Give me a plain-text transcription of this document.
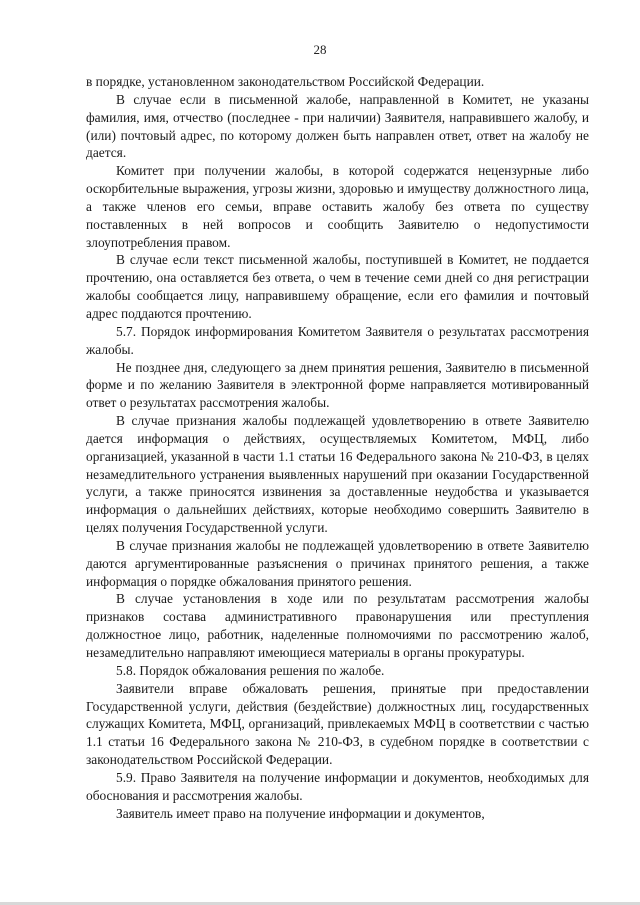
28

в порядке, установленном законодательством Российской Федерации.

В случае если в письменной жалобе, направленной в Комитет, не указаны фамилия, имя, отчество (последнее - при наличии) Заявителя, направившего жалобу, и (или) почтовый адрес, по которому должен быть направлен ответ, ответ на жалобу не дается.

Комитет при получении жалобы, в которой содержатся нецензурные либо оскорбительные выражения, угрозы жизни, здоровью и имуществу должностного лица, а также членов его семьи, вправе оставить жалобу без ответа по существу поставленных в ней вопросов и сообщить Заявителю о недопустимости злоупотребления правом.

В случае если текст письменной жалобы, поступившей в Комитет, не поддается прочтению, она оставляется без ответа, о чем в течение семи дней со дня регистрации жалобы сообщается лицу, направившему обращение, если его фамилия и почтовый адрес поддаются прочтению.

5.7. Порядок информирования Комитетом Заявителя о результатах рассмотрения жалобы.

Не позднее дня, следующего за днем принятия решения, Заявителю в письменной форме и по желанию Заявителя в электронной форме направляется мотивированный ответ о результатах рассмотрения жалобы.

В случае признания жалобы подлежащей удовлетворению в ответе Заявителю дается информация о действиях, осуществляемых Комитетом, МФЦ, либо организацией, указанной в части 1.1 статьи 16 Федерального закона № 210-ФЗ, в целях незамедлительного устранения выявленных нарушений при оказании Государственной услуги, а также приносятся извинения за доставленные неудобства и указывается информация о дальнейших действиях, которые необходимо совершить Заявителю в целях получения Государственной услуги.

В случае признания жалобы не подлежащей удовлетворению в ответе Заявителю даются аргументированные разъяснения о причинах принятого решения, а также информация о порядке обжалования принятого решения.

В случае установления в ходе или по результатам рассмотрения жалобы признаков состава административного правонарушения или преступления должностное лицо, работник, наделенные полномочиями по рассмотрению жалоб, незамедлительно направляют имеющиеся материалы в органы прокуратуры.

5.8. Порядок обжалования решения по жалобе.

Заявители вправе обжаловать решения, принятые при предоставлении Государственной услуги, действия (бездействие) должностных лиц, государственных служащих Комитета, МФЦ, организаций, привлекаемых МФЦ в соответствии с частью 1.1 статьи 16 Федерального закона № 210-ФЗ, в судебном порядке в соответствии с законодательством Российской Федерации.

5.9. Право Заявителя на получение информации и документов, необходимых для обоснования и рассмотрения жалобы.

Заявитель имеет право на получение информации и документов,
